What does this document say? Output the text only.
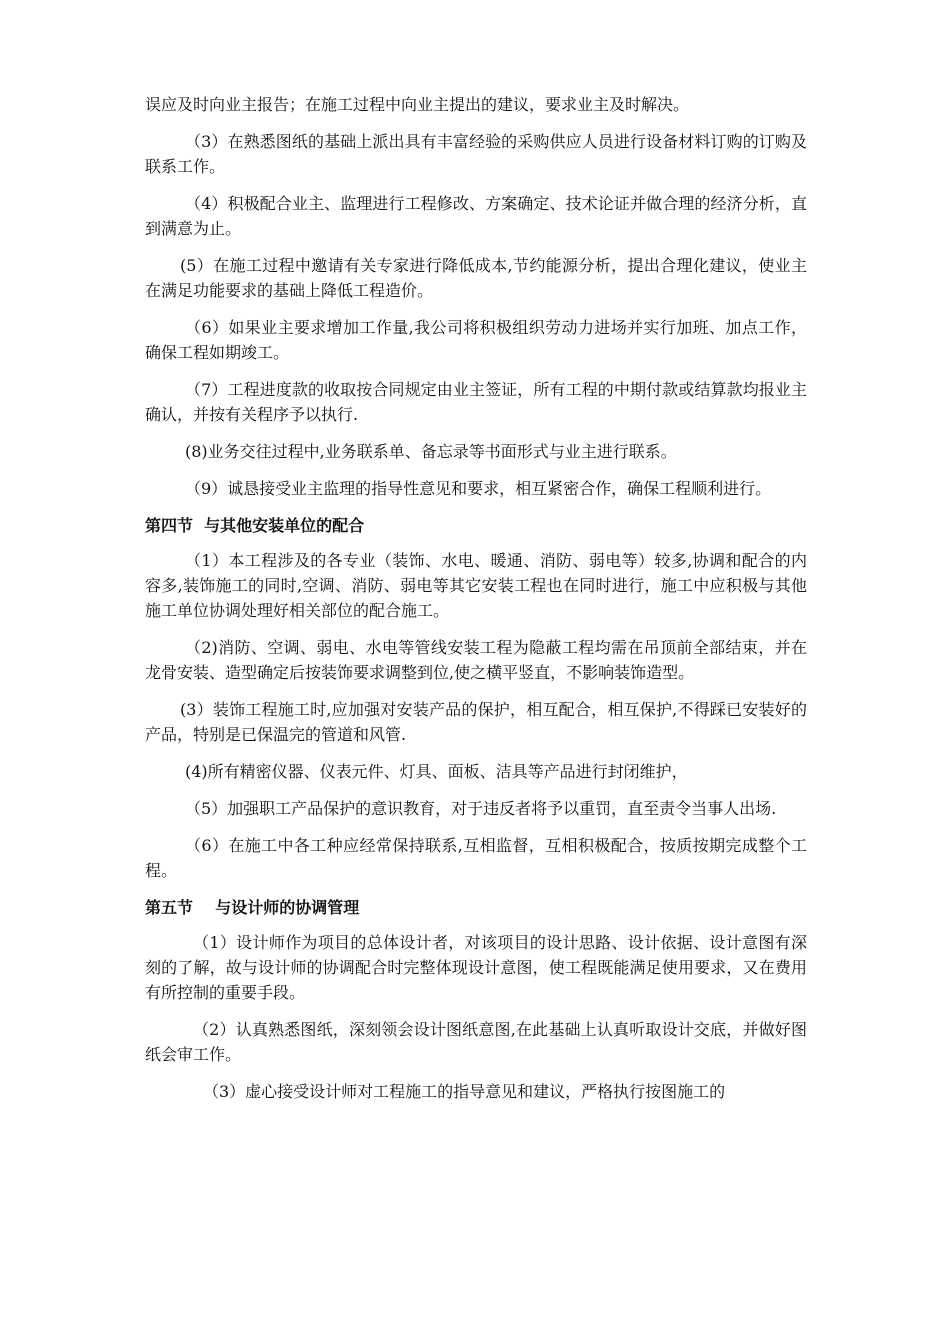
误应及时向业主报告；在施工过程中向业主提出的建议，要求业主及时解决。

（3）在熟悉图纸的基础上派出具有丰富经验的采购供应人员进行设备材料订购的订购及联系工作。

（4）积极配合业主、监理进行工程修改、方案确定、技术论证并做合理的经济分析，直到满意为止。

(5）在施工过程中邀请有关专家进行降低成本,节约能源分析，提出合理化建议，使业主在满足功能要求的基础上降低工程造价。

（6）如果业主要求增加工作量,我公司将积极组织劳动力进场并实行加班、加点工作，确保工程如期竣工。

（7）工程进度款的收取按合同规定由业主签证，所有工程的中期付款或结算款均报业主确认，并按有关程序予以执行.

(8)业务交往过程中,业务联系单、备忘录等书面形式与业主进行联系。

（9）诚恳接受业主监理的指导性意见和要求，相互紧密合作，确保工程顺利进行。

第四节  与其他安装单位的配合

（1）本工程涉及的各专业（装饰、水电、暖通、消防、弱电等）较多,协调和配合的内容多,装饰施工的同时,空调、消防、弱电等其它安装工程也在同时进行，施工中应积极与其他施工单位协调处理好相关部位的配合施工。

（2)消防、空调、弱电、水电等管线安装工程为隐蔽工程均需在吊顶前全部结束，并在龙骨安装、造型确定后按装饰要求调整到位,使之横平竖直，不影响装饰造型。

(3）装饰工程施工时,应加强对安装产品的保护，相互配合，相互保护,不得踩已安装好的产品，特别是已保温完的管道和风管.

(4)所有精密仪器、仪表元件、灯具、面板、洁具等产品进行封闭维护，

（5）加强职工产品保护的意识教育，对于违反者将予以重罚，直至责令当事人出场.

（6）在施工中各工种应经常保持联系,互相监督，互相积极配合，按质按期完成整个工程。

第五节    与设计师的协调管理

（1）设计师作为项目的总体设计者，对该项目的设计思路、设计依据、设计意图有深刻的了解，故与设计师的协调配合时完整体现设计意图，使工程既能满足使用要求，又在费用有所控制的重要手段。

（2）认真熟悉图纸，深刻领会设计图纸意图,在此基础上认真听取设计交底，并做好图纸会审工作。

（3）虚心接受设计师对工程施工的指导意见和建议，严格执行按图施工的
